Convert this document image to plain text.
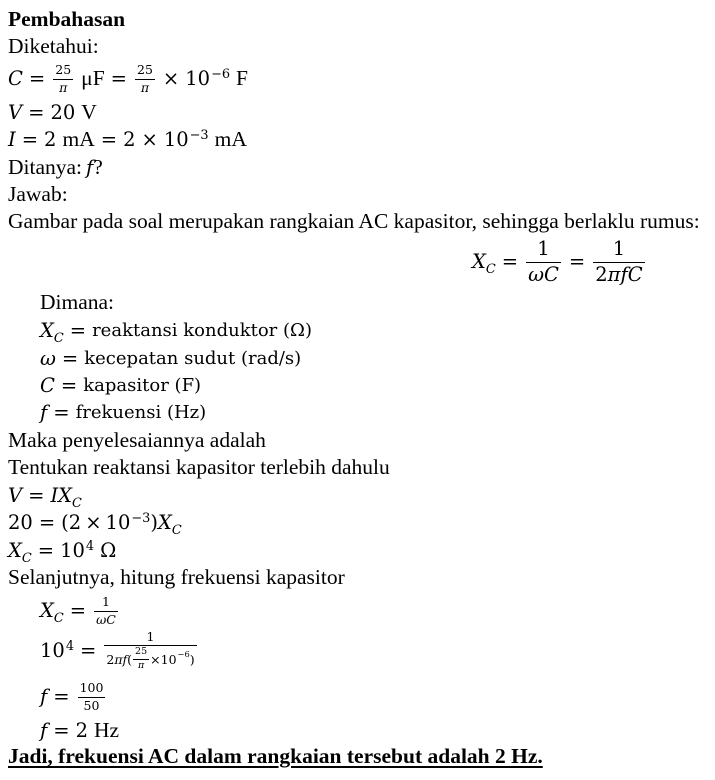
Pembahasan
Diketahui:
$C = \frac{25}{\pi}$ $\mu F = \frac{25}{\pi} \times 10^{-6}$ F
V = 20 V
I = 2 mA = $2 \times 10^{-3}$ mA
Ditanya: f ?
Jawab:
Gambar pada soal merupakan rangkaian AC kapasitor, sehingga berlaklu rumus:
$X_C = \frac{1}{\omega C} = \frac{1}{\text{2 πfC}}$
Dimana:
$X_C$ = reaktansi konduktor (Ω)
ω = kecepatan sudut (rad/s)
C = kapasitor (F)
f = frekuensi (Hz)
Maka penyelesaiannya adalah
Tentukan reaktansi kapasitor terlebih dahulu
V = I $X_C$
$20 = (2 \times 10^{-3})$ $X_C$
$X_C = 10^4$ Ω
Selanjutnya, hitung frekuensi kapasitor
$X_C = \frac{1}{\omega C}$
$10^4 = \frac{1}{2 \pi f ( \frac{25}{\pi} \times 10 -6 )}$
$f = \frac{100}{50}$
f = 2 Hz
Jadi, frekuensi AC dalam rangkaian tersebut adalah 2 Hz.
